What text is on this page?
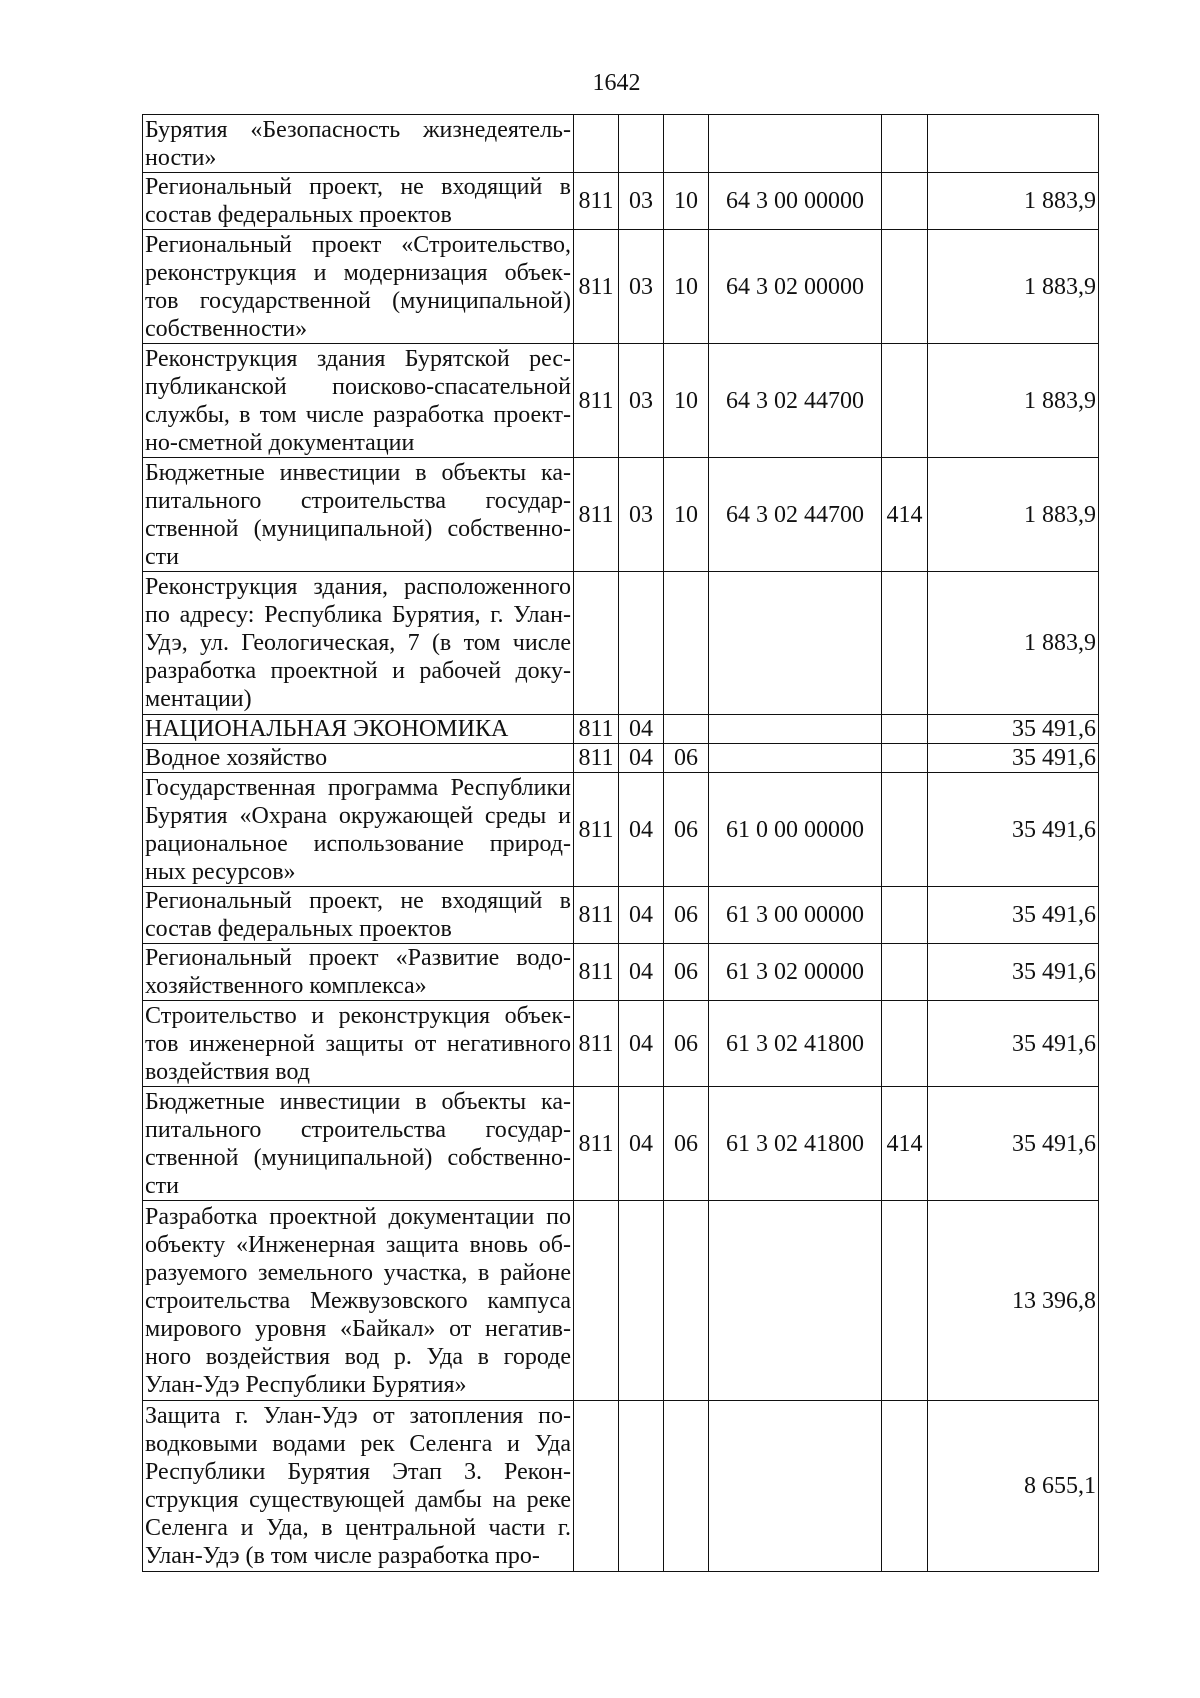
1642
Бурятия «Безопасность жизнедеятель-ности»						
Региональный проект, не входящий в состав федеральных проектов	811	03	10	64 3 00 00000		1 883,9
Региональный проект «Строительство, реконструкция и модернизация объек-тов государственной (муниципальной) собственности»	811	03	10	64 3 02 00000		1 883,9
Реконструкция здания Бурятской рес-публиканской поисково-спасательной службы, в том числе разработка проект-но-сметной документации	811	03	10	64 3 02 44700		1 883,9
Бюджетные инвестиции в объекты ка-питального строительства государ-ственной (муниципальной) собственно-сти	811	03	10	64 3 02 44700	414	1 883,9
Реконструкция здания, расположенного по адресу: Республика Бурятия, г. Улан-Удэ, ул. Геологическая, 7 (в том числе разработка проектной и рабочей доку-ментации)						1 883,9
НАЦИОНАЛЬНАЯ ЭКОНОМИКА	811	04				35 491,6
Водное хозяйство	811	04	06			35 491,6
Государственная программа Республики Бурятия «Охрана окружающей среды и рациональное использование природ-ных ресурсов»	811	04	06	61 0 00 00000		35 491,6
Региональный проект, не входящий в состав федеральных проектов	811	04	06	61 3 00 00000		35 491,6
Региональный проект «Развитие водо-хозяйственного комплекса»	811	04	06	61 3 02 00000		35 491,6
Строительство и реконструкция объек-тов инженерной защиты от негативного воздействия вод	811	04	06	61 3 02 41800		35 491,6
Бюджетные инвестиции в объекты ка-питального строительства государ-ственной (муниципальной) собственно-сти	811	04	06	61 3 02 41800	414	35 491,6
Разработка проектной документации по объекту «Инженерная защита вновь об-разуемого земельного участка, в районе строительства Межвузовского кампуса мирового уровня «Байкал» от негатив-ного воздействия вод р. Уда в городе Улан-Удэ Республики Бурятия»						13 396,8
Защита г. Улан-Удэ от затопления по-водковыми водами рек Селенга и Уда Республики Бурятия Этап 3. Рекон-струкция существующей дамбы на реке Селенга и Уда, в центральной части г. Улан-Удэ (в том числе разработка про-						8 655,1
